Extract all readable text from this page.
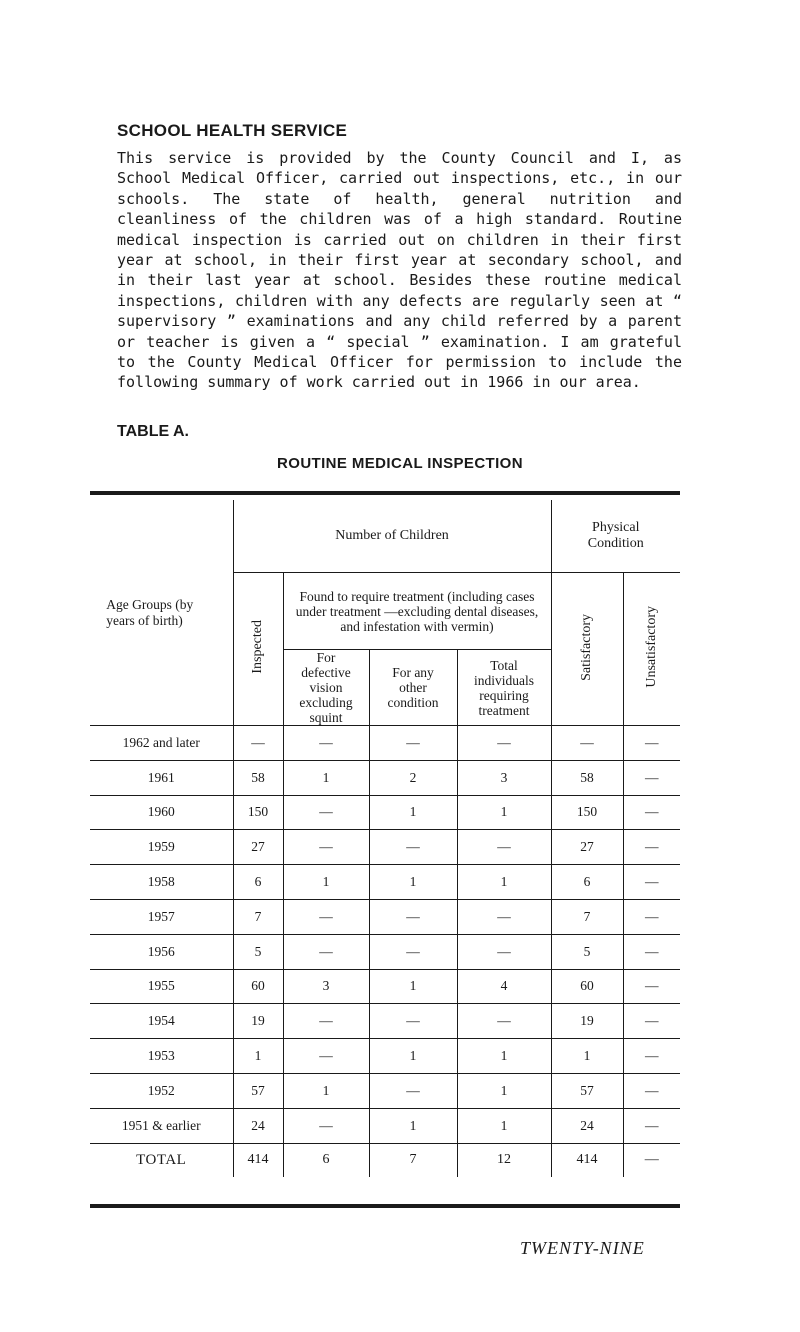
SCHOOL HEALTH SERVICE
This service is provided by the County Council and I, as School Medical Officer, carried out inspections, etc., in our schools. The state of health, general nutrition and cleanliness of the children was of a high standard. Routine medical inspection is carried out on children in their first year at school, in their first year at secondary school, and in their last year at school. Besides these routine medical inspections, children with any defects are regularly seen at “ supervisory ” examinations and any child referred by a parent or teacher is given a “ special ” examination. I am grateful to the County Medical Officer for permission to include the following summary of work carried out in 1966 in our area.
TABLE A.
ROUTINE MEDICAL INSPECTION
Age Groups (by years of birth)	Number of Children				Physical Condition	

	Inspected	Found to require treatment (including cases under treatment —excluding dental diseases, and infestation with vermin)			Satisfactory	Unsatisfactory

		For defective vision excluding squint	For any other condition	Total individuals requiring treatment		

1962 and later	—	—	—	—	—	—
1961	58	1	2	3	58	—
1960	150	—	1	1	150	—
1959	27	—	—	—	27	—
1958	6	1	1	1	6	—
1957	7	—	—	—	7	—
1956	5	—	—	—	5	—
1955	60	3	1	4	60	—
1954	19	—	—	—	19	—
1953	1	—	1	1	1	—
1952	57	1	—	1	57	—
1951 & earlier	24	—	1	1	24	—
TOTAL	414	6	7	12	414	—
TWENTY-NINE
